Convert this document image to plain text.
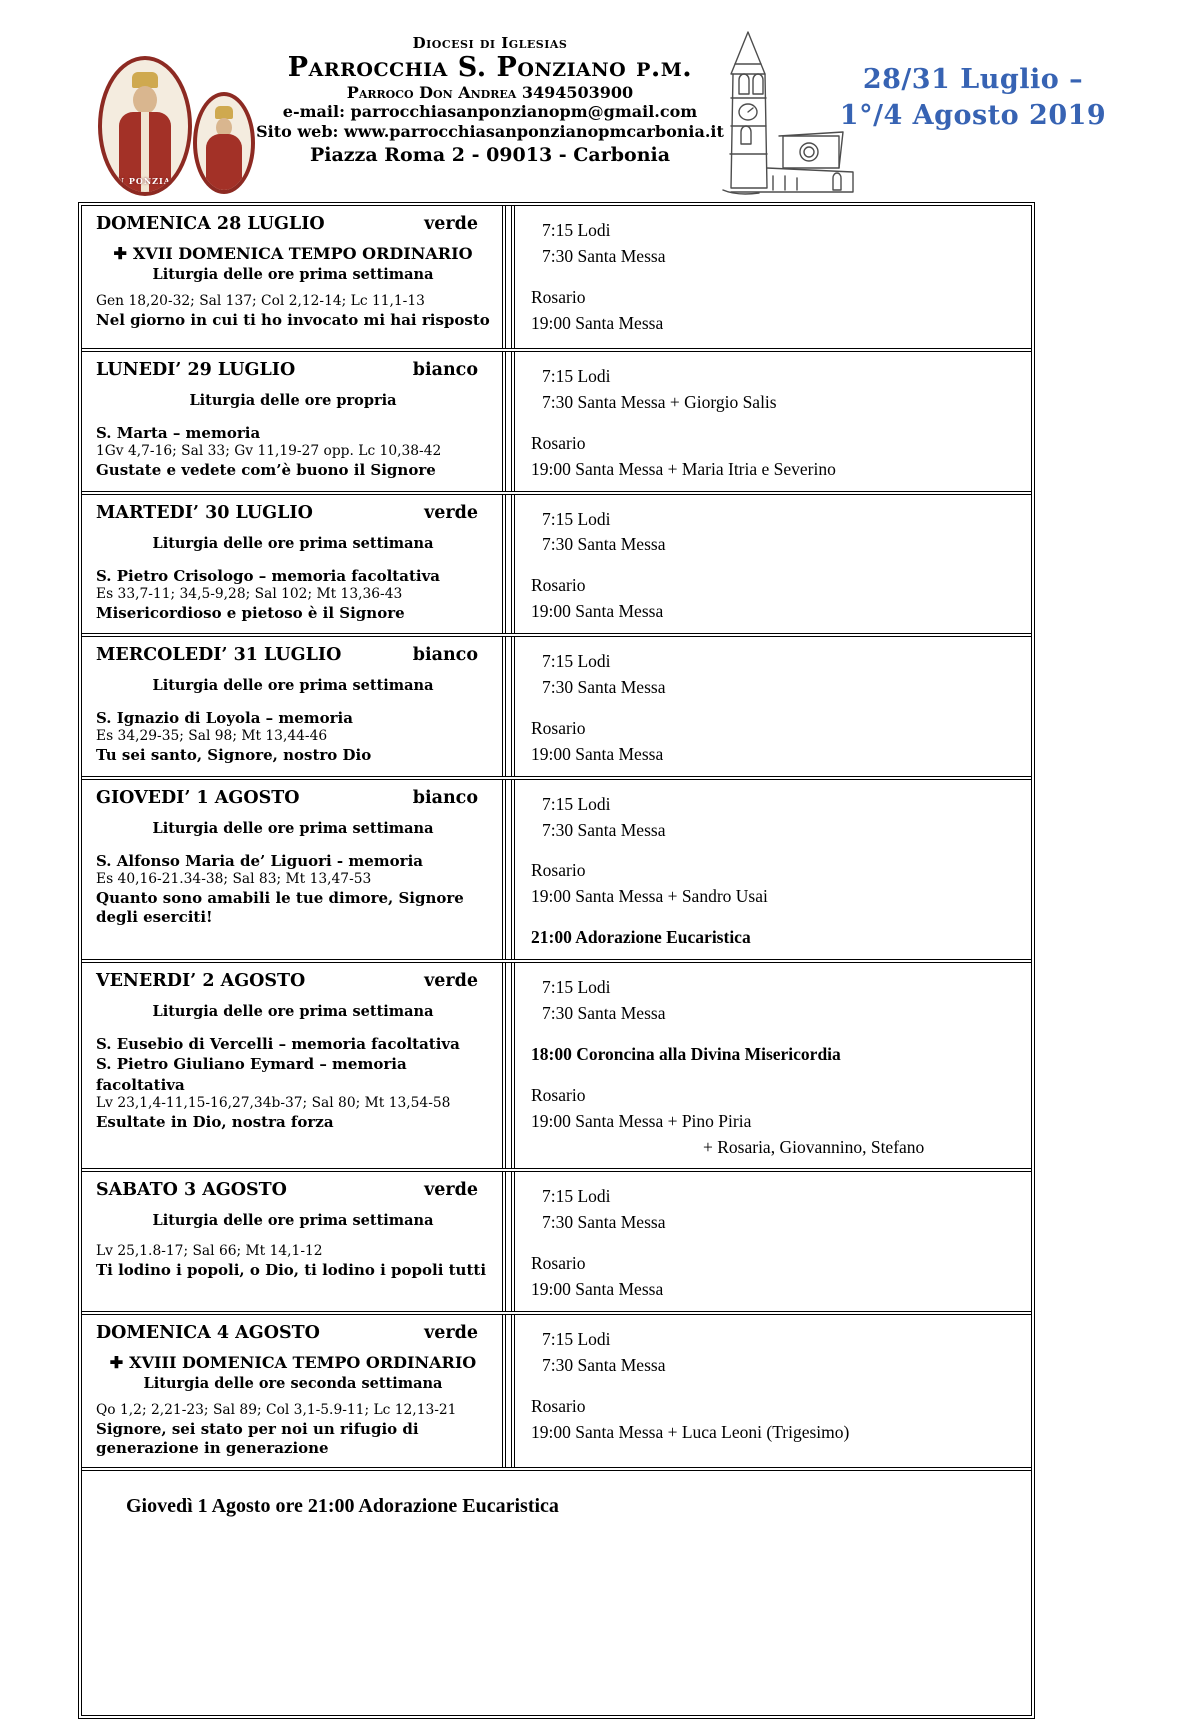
SAN PONZIANO
Diocesi di Iglesias
Parrocchia S. Ponziano p.m.
Parroco Don Andrea 3494503900
e-mail: parrocchiasanponzianopm@gmail.com
Sito web: www.parrocchiasanponzianopmcarbonia.it
Piazza Roma 2 - 09013 - Carbonia
28/31 Luglio –
1°/4 Agosto 2019
DOMENICA 28 LUGLIO	verde
✚ XVII DOMENICA TEMPO ORDINARIO
Liturgia delle ore prima settimana
Gen 18,20-32; Sal 137; Col 2,12-14; Lc 11,1-13
Nel giorno in cui ti ho invocato mi hai risposto
7:15 Lodi
7:30 Santa Messa
Rosario
19:00 Santa Messa
LUNEDI’ 29 LUGLIO	bianco
Liturgia delle ore propria
S. Marta – memoria
1Gv 4,7-16; Sal 33; Gv 11,19-27 opp. Lc 10,38-42
Gustate e vedete com’è buono il Signore
7:15 Lodi
7:30 Santa Messa + Giorgio Salis
Rosario
19:00 Santa Messa + Maria Itria e Severino
MARTEDI’ 30 LUGLIO	verde
Liturgia delle ore prima settimana
S. Pietro Crisologo – memoria facoltativa
Es 33,7-11; 34,5-9,28; Sal 102; Mt 13,36-43
Misericordioso e pietoso è il Signore
7:15 Lodi
7:30 Santa Messa
Rosario
19:00 Santa Messa
MERCOLEDI’ 31 LUGLIO	bianco
Liturgia delle ore prima settimana
S. Ignazio di Loyola – memoria
Es 34,29-35; Sal 98; Mt 13,44-46
Tu sei santo, Signore, nostro Dio
7:15 Lodi
7:30 Santa Messa
Rosario
19:00 Santa Messa
GIOVEDI’ 1 AGOSTO	bianco
Liturgia delle ore prima settimana
S. Alfonso Maria de’ Liguori - memoria
Es 40,16-21.34-38; Sal 83; Mt 13,47-53
Quanto sono amabili le tue dimore, Signore degli eserciti!
7:15 Lodi
7:30 Santa Messa
Rosario
19:00 Santa Messa + Sandro Usai
21:00 Adorazione Eucaristica
VENERDI’ 2 AGOSTO	verde
Liturgia delle ore prima settimana
S. Eusebio di Vercelli – memoria facoltativa
S. Pietro Giuliano Eymard – memoria facoltativa
Lv 23,1,4-11,15-16,27,34b-37; Sal 80; Mt 13,54-58
Esultate in Dio, nostra forza
7:15 Lodi
7:30 Santa Messa
18:00 Coroncina alla Divina Misericordia
Rosario
19:00 Santa Messa + Pino Piria
+ Rosaria, Giovannino, Stefano
SABATO 3 AGOSTO	verde
Liturgia delle ore prima settimana
Lv 25,1.8-17; Sal 66; Mt 14,1-12
Ti lodino i popoli, o Dio, ti lodino i popoli tutti
7:15 Lodi
7:30 Santa Messa
Rosario
19:00 Santa Messa
DOMENICA 4 AGOSTO	verde
✚ XVIII DOMENICA TEMPO ORDINARIO
Liturgia delle ore seconda settimana
Qo 1,2; 2,21-23; Sal 89; Col 3,1-5.9-11; Lc 12,13-21
Signore, sei stato per noi un rifugio di generazione in generazione
7:15 Lodi
7:30 Santa Messa
Rosario
19:00 Santa Messa + Luca Leoni (Trigesimo)
Giovedì 1 Agosto ore 21:00 Adorazione Eucaristica
